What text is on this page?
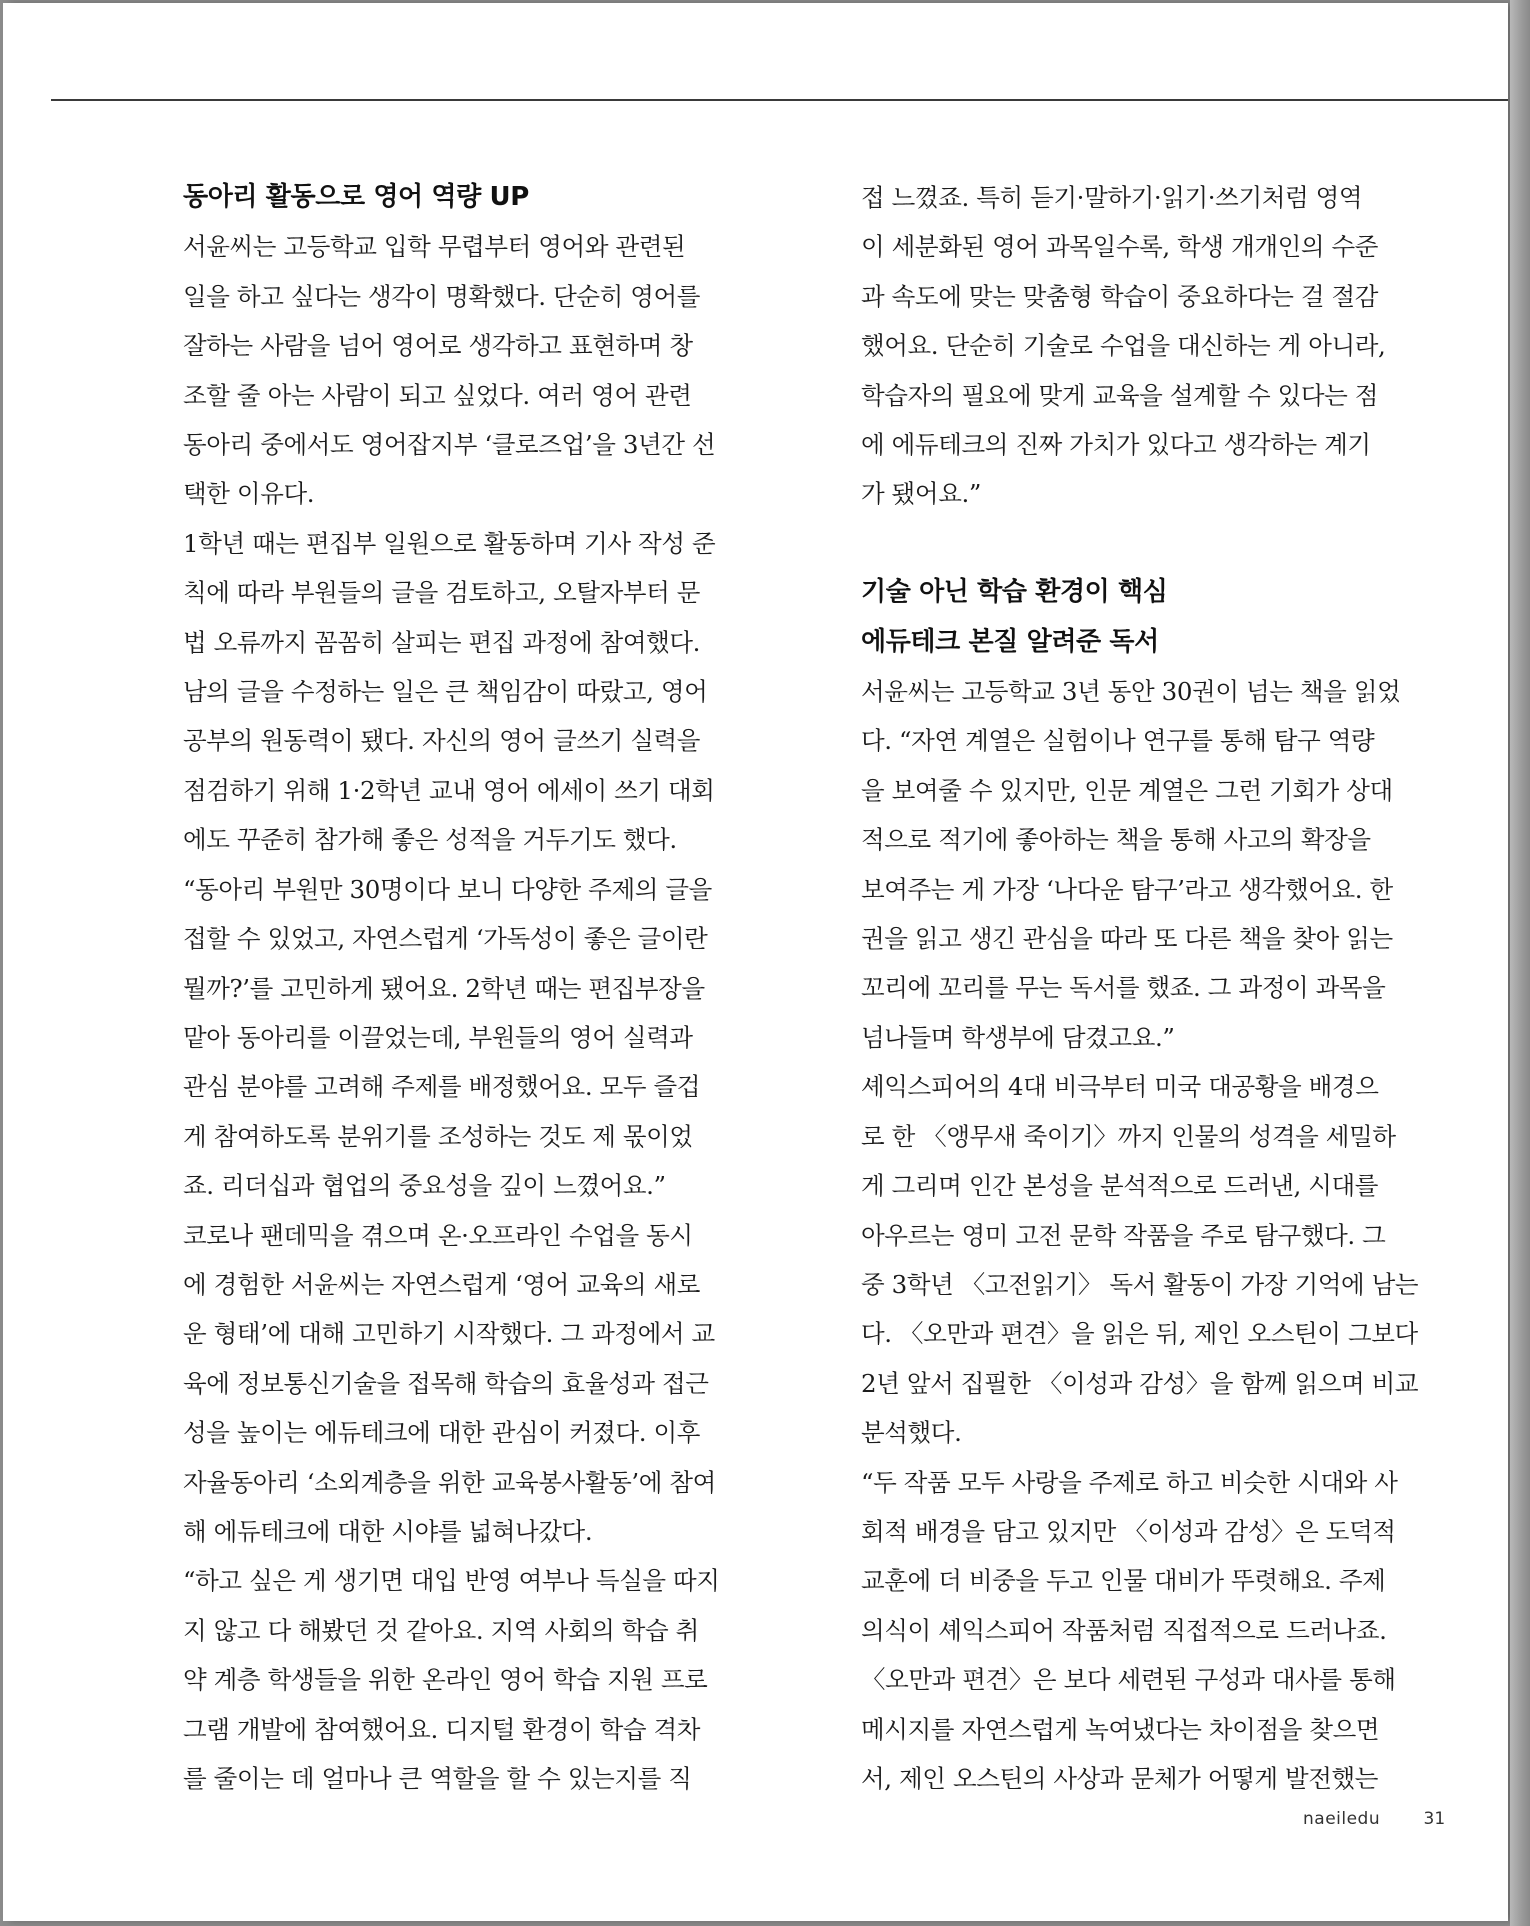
동아리 활동으로 영어 역량 UP

서윤씨는 고등학교 입학 무렵부터 영어와 관련된

일을 하고 싶다는 생각이 명확했다. 단순히 영어를

잘하는 사람을 넘어 영어로 생각하고 표현하며 창

조할 줄 아는 사람이 되고 싶었다. 여러 영어 관련

동아리 중에서도 영어잡지부 ‘클로즈업’을 3년간 선

택한 이유다.

1학년 때는 편집부 일원으로 활동하며 기사 작성 준

칙에 따라 부원들의 글을 검토하고, 오탈자부터 문

법 오류까지 꼼꼼히 살피는 편집 과정에 참여했다.

남의 글을 수정하는 일은 큰 책임감이 따랐고, 영어

공부의 원동력이 됐다. 자신의 영어 글쓰기 실력을

점검하기 위해 1·2학년 교내 영어 에세이 쓰기 대회

에도 꾸준히 참가해 좋은 성적을 거두기도 했다.

“동아리 부원만 30명이다 보니 다양한 주제의 글을

접할 수 있었고, 자연스럽게 ‘가독성이 좋은 글이란

뭘까?’를 고민하게 됐어요. 2학년 때는 편집부장을

맡아 동아리를 이끌었는데, 부원들의 영어 실력과

관심 분야를 고려해 주제를 배정했어요. 모두 즐겁

게 참여하도록 분위기를 조성하는 것도 제 몫이었

죠. 리더십과 협업의 중요성을 깊이 느꼈어요.”

코로나 팬데믹을 겪으며 온·오프라인 수업을 동시

에 경험한 서윤씨는 자연스럽게 ‘영어 교육의 새로

운 형태’에 대해 고민하기 시작했다. 그 과정에서 교

육에 정보통신기술을 접목해 학습의 효율성과 접근

성을 높이는 에듀테크에 대한 관심이 커졌다. 이후

자율동아리 ‘소외계층을 위한 교육봉사활동’에 참여

해 에듀테크에 대한 시야를 넓혀나갔다.

“하고 싶은 게 생기면 대입 반영 여부나 득실을 따지

지 않고 다 해봤던 것 같아요. 지역 사회의 학습 취

약 계층 학생들을 위한 온라인 영어 학습 지원 프로

그램 개발에 참여했어요. 디지털 환경이 학습 격차

를 줄이는 데 얼마나 큰 역할을 할 수 있는지를 직

접 느꼈죠. 특히 듣기·말하기·읽기·쓰기처럼 영역

이 세분화된 영어 과목일수록, 학생 개개인의 수준

과 속도에 맞는 맞춤형 학습이 중요하다는 걸 절감

했어요. 단순히 기술로 수업을 대신하는 게 아니라,

학습자의 필요에 맞게 교육을 설계할 수 있다는 점

에 에듀테크의 진짜 가치가 있다고 생각하는 계기

가 됐어요.”

기술 아닌 학습 환경이 핵심

에듀테크 본질 알려준 독서

서윤씨는 고등학교 3년 동안 30권이 넘는 책을 읽었

다. “자연 계열은 실험이나 연구를 통해 탐구 역량

을 보여줄 수 있지만, 인문 계열은 그런 기회가 상대

적으로 적기에 좋아하는 책을 통해 사고의 확장을

보여주는 게 가장 ‘나다운 탐구’라고 생각했어요. 한

권을 읽고 생긴 관심을 따라 또 다른 책을 찾아 읽는

꼬리에 꼬리를 무는 독서를 했죠. 그 과정이 과목을

넘나들며 학생부에 담겼고요.”

셰익스피어의 4대 비극부터 미국 대공황을 배경으

로 한 〈앵무새 죽이기〉까지 인물의 성격을 세밀하

게 그리며 인간 본성을 분석적으로 드러낸, 시대를

아우르는 영미 고전 문학 작품을 주로 탐구했다. 그

중 3학년 〈고전읽기〉 독서 활동이 가장 기억에 남는

다. 〈오만과 편견〉을 읽은 뒤, 제인 오스틴이 그보다

2년 앞서 집필한 〈이성과 감성〉을 함께 읽으며 비교

분석했다.

“두 작품 모두 사랑을 주제로 하고 비슷한 시대와 사

회적 배경을 담고 있지만 〈이성과 감성〉은 도덕적

교훈에 더 비중을 두고 인물 대비가 뚜렷해요. 주제

의식이 셰익스피어 작품처럼 직접적으로 드러나죠.

〈오만과 편견〉은 보다 세련된 구성과 대사를 통해

메시지를 자연스럽게 녹여냈다는 차이점을 찾으면

서, 제인 오스틴의 사상과 문체가 어떻게 발전했는

naeiledu	31
